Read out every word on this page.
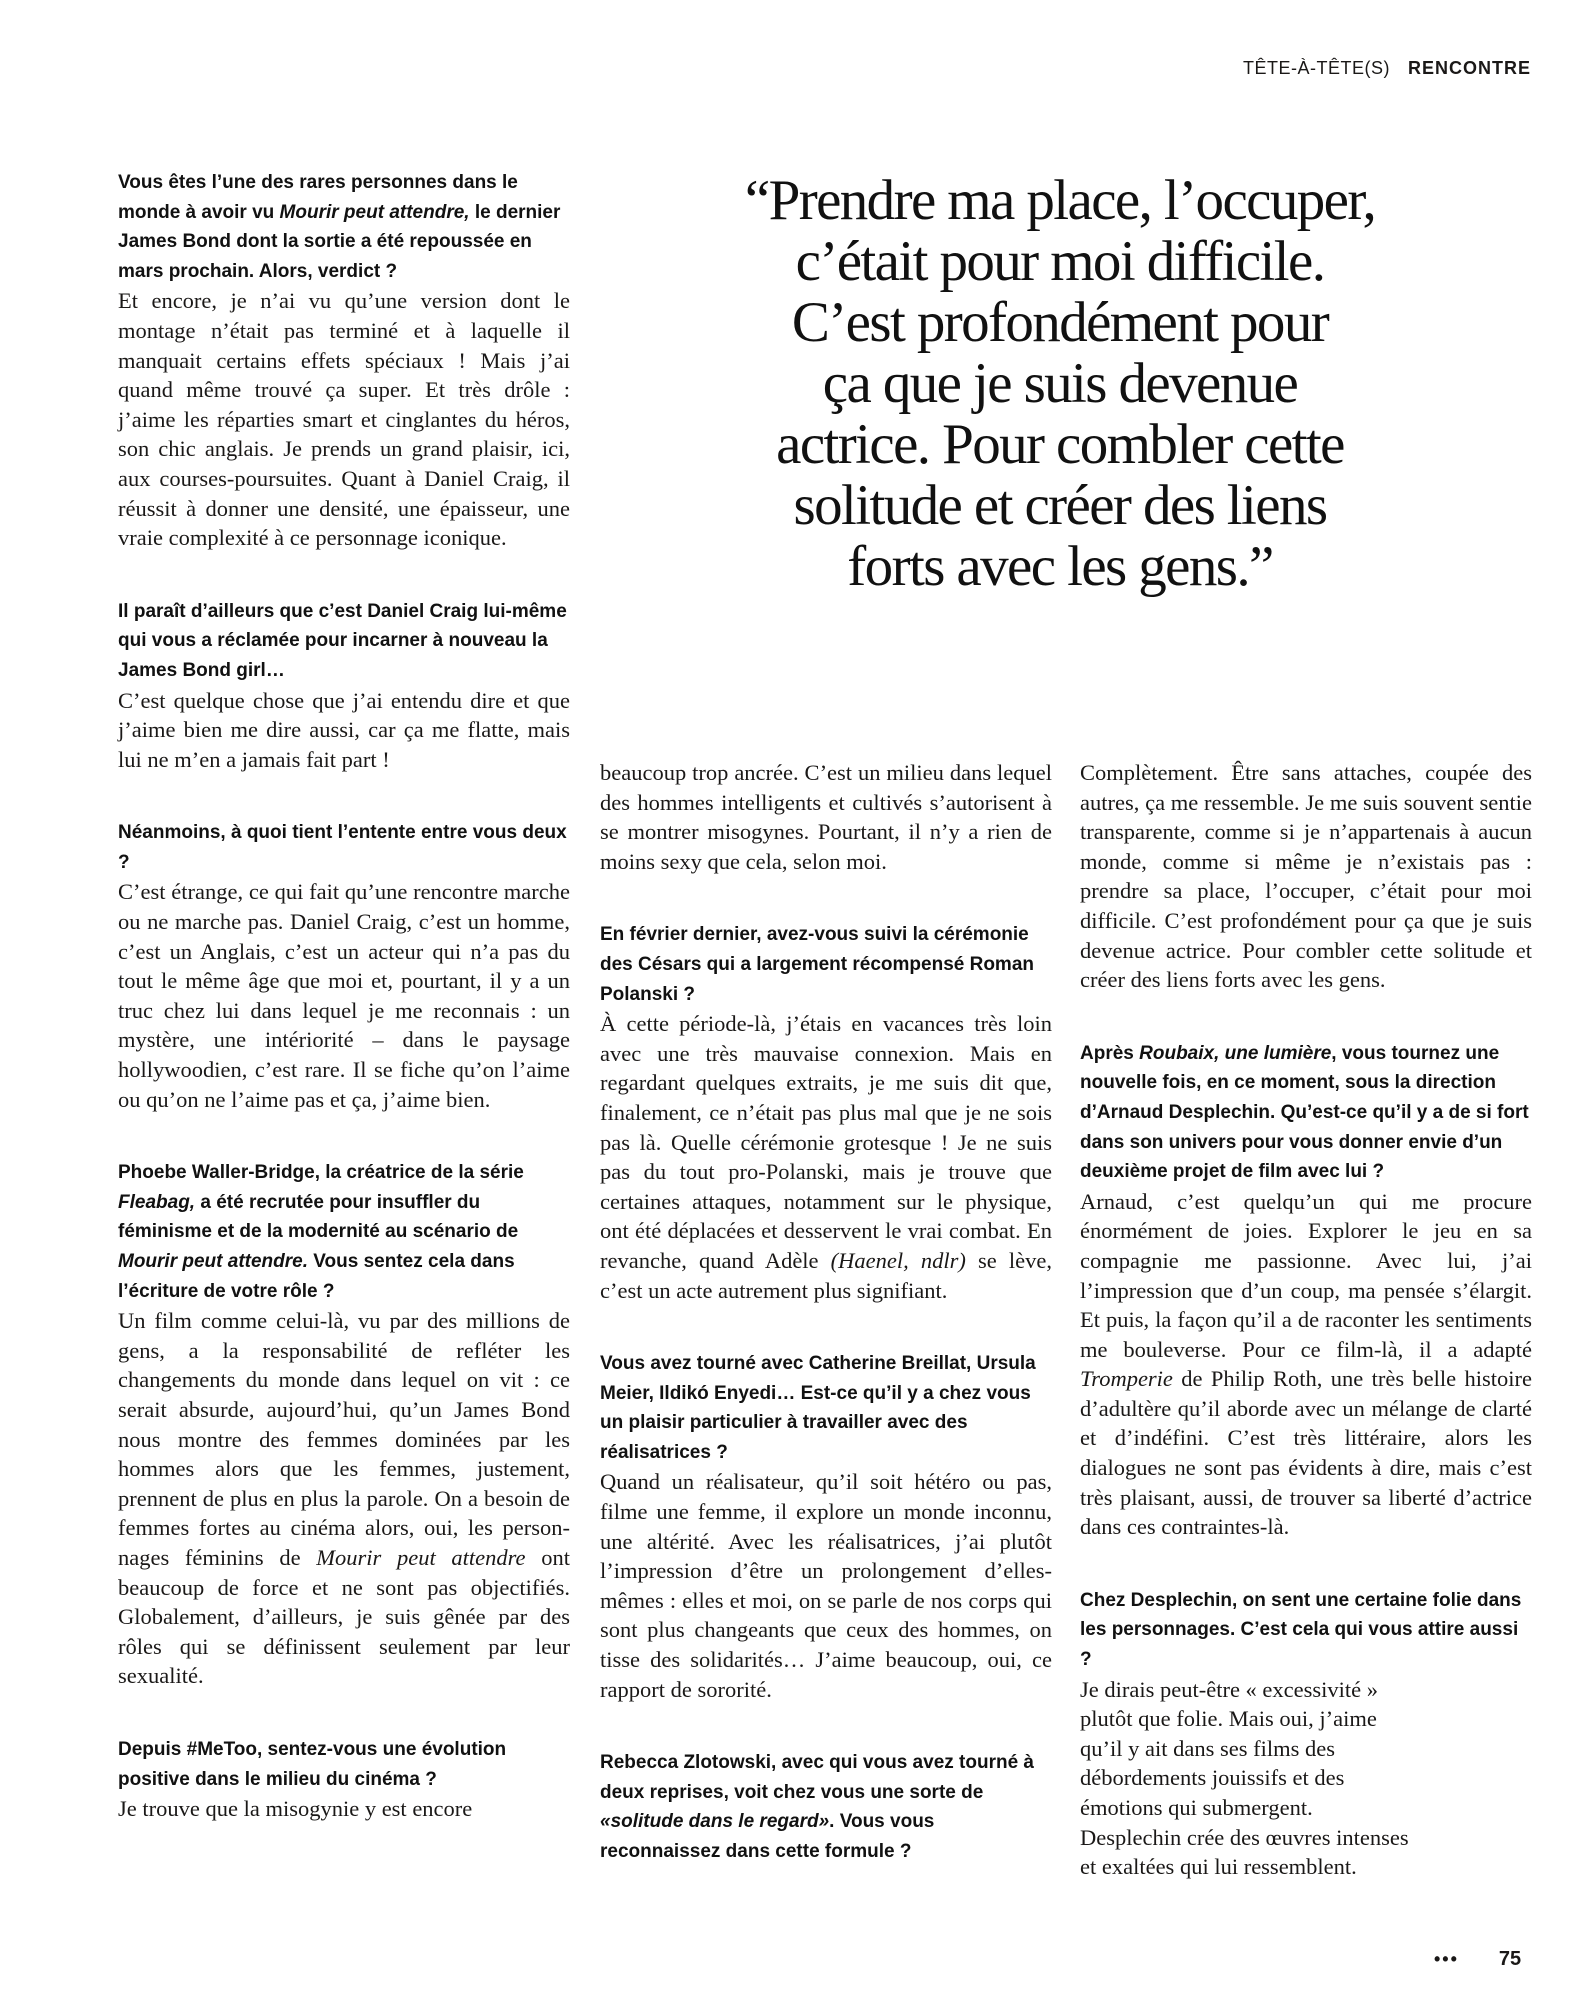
TÊTE-À-TÊTE(S) RENCONTRE
“Prendre ma place, l’occuper,
c’était pour moi difficile.
C’est profondément pour
ça que je suis devenue
actrice. Pour combler cette
solitude et créer des liens
forts avec les gens.”

Vous êtes l’une des rares personnes dans le monde à avoir vu Mourir peut attendre, le dernier James Bond dont la sortie a été repoussée en mars prochain. Alors, verdict ?

Et encore, je n’ai vu qu’une version dont le montage n’était pas terminé et à laquelle il manquait certains effets spéciaux ! Mais j’ai quand même trouvé ça super. Et très drôle : j’aime les réparties smart et cinglantes du héros, son chic anglais. Je prends un grand plaisir, ici, aux courses-poursuites. Quant à Daniel Craig, il réussit à donner une densité, une épaisseur, une vraie complexité à ce personnage iconique.

Il paraît d’ailleurs que c’est Daniel Craig lui-même qui vous a réclamée pour incarner à nouveau la James Bond girl…

C’est quelque chose que j’ai entendu dire et que j’aime bien me dire aussi, car ça me flatte, mais lui ne m’en a jamais fait part !

Néanmoins, à quoi tient l’entente entre vous deux ?

C’est étrange, ce qui fait qu’une rencontre marche ou ne marche pas. Daniel Craig, c’est un homme, c’est un Anglais, c’est un acteur qui n’a pas du tout le même âge que moi et, pourtant, il y a un truc chez lui dans lequel je me reconnais : un mystère, une intériorité – dans le paysage hollywoodien, c’est rare. Il se fiche qu’on l’aime ou qu’on ne l’aime pas et ça, j’aime bien.

Phoebe Waller-Bridge, la créatrice de la série Fleabag, a été recrutée pour insuffler du féminisme et de la modernité au scénario de Mourir peut attendre. Vous sentez cela dans l’écriture de votre rôle ?

Un film comme celui-là, vu par des millions de gens, a la responsabilité de refléter les changements du monde dans lequel on vit : ce serait absurde, aujourd’hui, qu’un James Bond nous montre des femmes dominées par les hommes alors que les femmes, justement, prennent de plus en plus la parole. On a besoin de femmes fortes au cinéma alors, oui, les personnages féminins de Mourir peut attendre ont beaucoup de force et ne sont pas objectifiés. Globalement, d’ailleurs, je suis gênée par des rôles qui se définissent seulement par leur sexualité.

Depuis #MeToo, sentez-vous une évolution positive dans le milieu du cinéma ?

Je trouve que la misogynie y est encore

beaucoup trop ancrée. C’est un milieu dans lequel des hommes intelligents et cultivés s’autorisent à se montrer misogynes. Pourtant, il n’y a rien de moins sexy que cela, selon moi.

En février dernier, avez-vous suivi la cérémonie des Césars qui a largement récompensé Roman Polanski ?

À cette période-là, j’étais en vacances très loin avec une très mauvaise connexion. Mais en regardant quelques extraits, je me suis dit que, finalement, ce n’était pas plus mal que je ne sois pas là. Quelle cérémonie grotesque ! Je ne suis pas du tout pro-Polanski, mais je trouve que certaines attaques, notamment sur le physique, ont été déplacées et desservent le vrai combat. En revanche, quand Adèle (Haenel, ndlr) se lève, c’est un acte autrement plus signifiant.

Vous avez tourné avec Catherine Breillat, Ursula Meier, Ildikó Enyedi… Est-ce qu’il y a chez vous un plaisir particulier à travailler avec des réalisatrices ?

Quand un réalisateur, qu’il soit hétéro ou pas, filme une femme, il explore un monde inconnu, une altérité. Avec les réalisatrices, j’ai plutôt l’impression d’être un prolongement d’elles-mêmes : elles et moi, on se parle de nos corps qui sont plus changeants que ceux des hommes, on tisse des solidarités… J’aime beaucoup, oui, ce rapport de sororité.

Rebecca Zlotowski, avec qui vous avez tourné à deux reprises, voit chez vous une sorte de «solitude dans le regard». Vous vous reconnaissez dans cette formule ?

Complètement. Être sans attaches, coupée des autres, ça me ressemble. Je me suis souvent sentie transparente, comme si je n’appartenais à aucun monde, comme si même je n’existais pas : prendre sa place, l’occuper, c’était pour moi difficile. C’est profondément pour ça que je suis devenue actrice. Pour combler cette solitude et créer des liens forts avec les gens.

Après Roubaix, une lumière, vous tournez une nouvelle fois, en ce moment, sous la direction d’Arnaud Desplechin. Qu’est-ce qu’il y a de si fort dans son univers pour vous donner envie d’un deuxième projet de film avec lui ?

Arnaud, c’est quelqu’un qui me procure énormément de joies. Explorer le jeu en sa compagnie me passionne. Avec lui, j’ai l’impression que d’un coup, ma pensée s’élargit. Et puis, la façon qu’il a de raconter les sentiments me bouleverse. Pour ce film-là, il a adapté Tromperie de Philip Roth, une très belle histoire d’adultère qu’il aborde avec un mélange de clarté et d’indéfini. C’est très littéraire, alors les dialogues ne sont pas évidents à dire, mais c’est très plaisant, aussi, de trouver sa liberté d’actrice dans ces contraintes-là.

Chez Desplechin, on sent une certaine folie dans les personnages. C’est cela qui vous attire aussi ?

Je dirais peut-être « excessivité » plutôt que folie. Mais oui, j’aime qu’il y ait dans ses films des débordements jouissifs et des émotions qui submergent. Desplechin crée des œuvres intenses et exaltées qui lui ressemblent.

••• 75
